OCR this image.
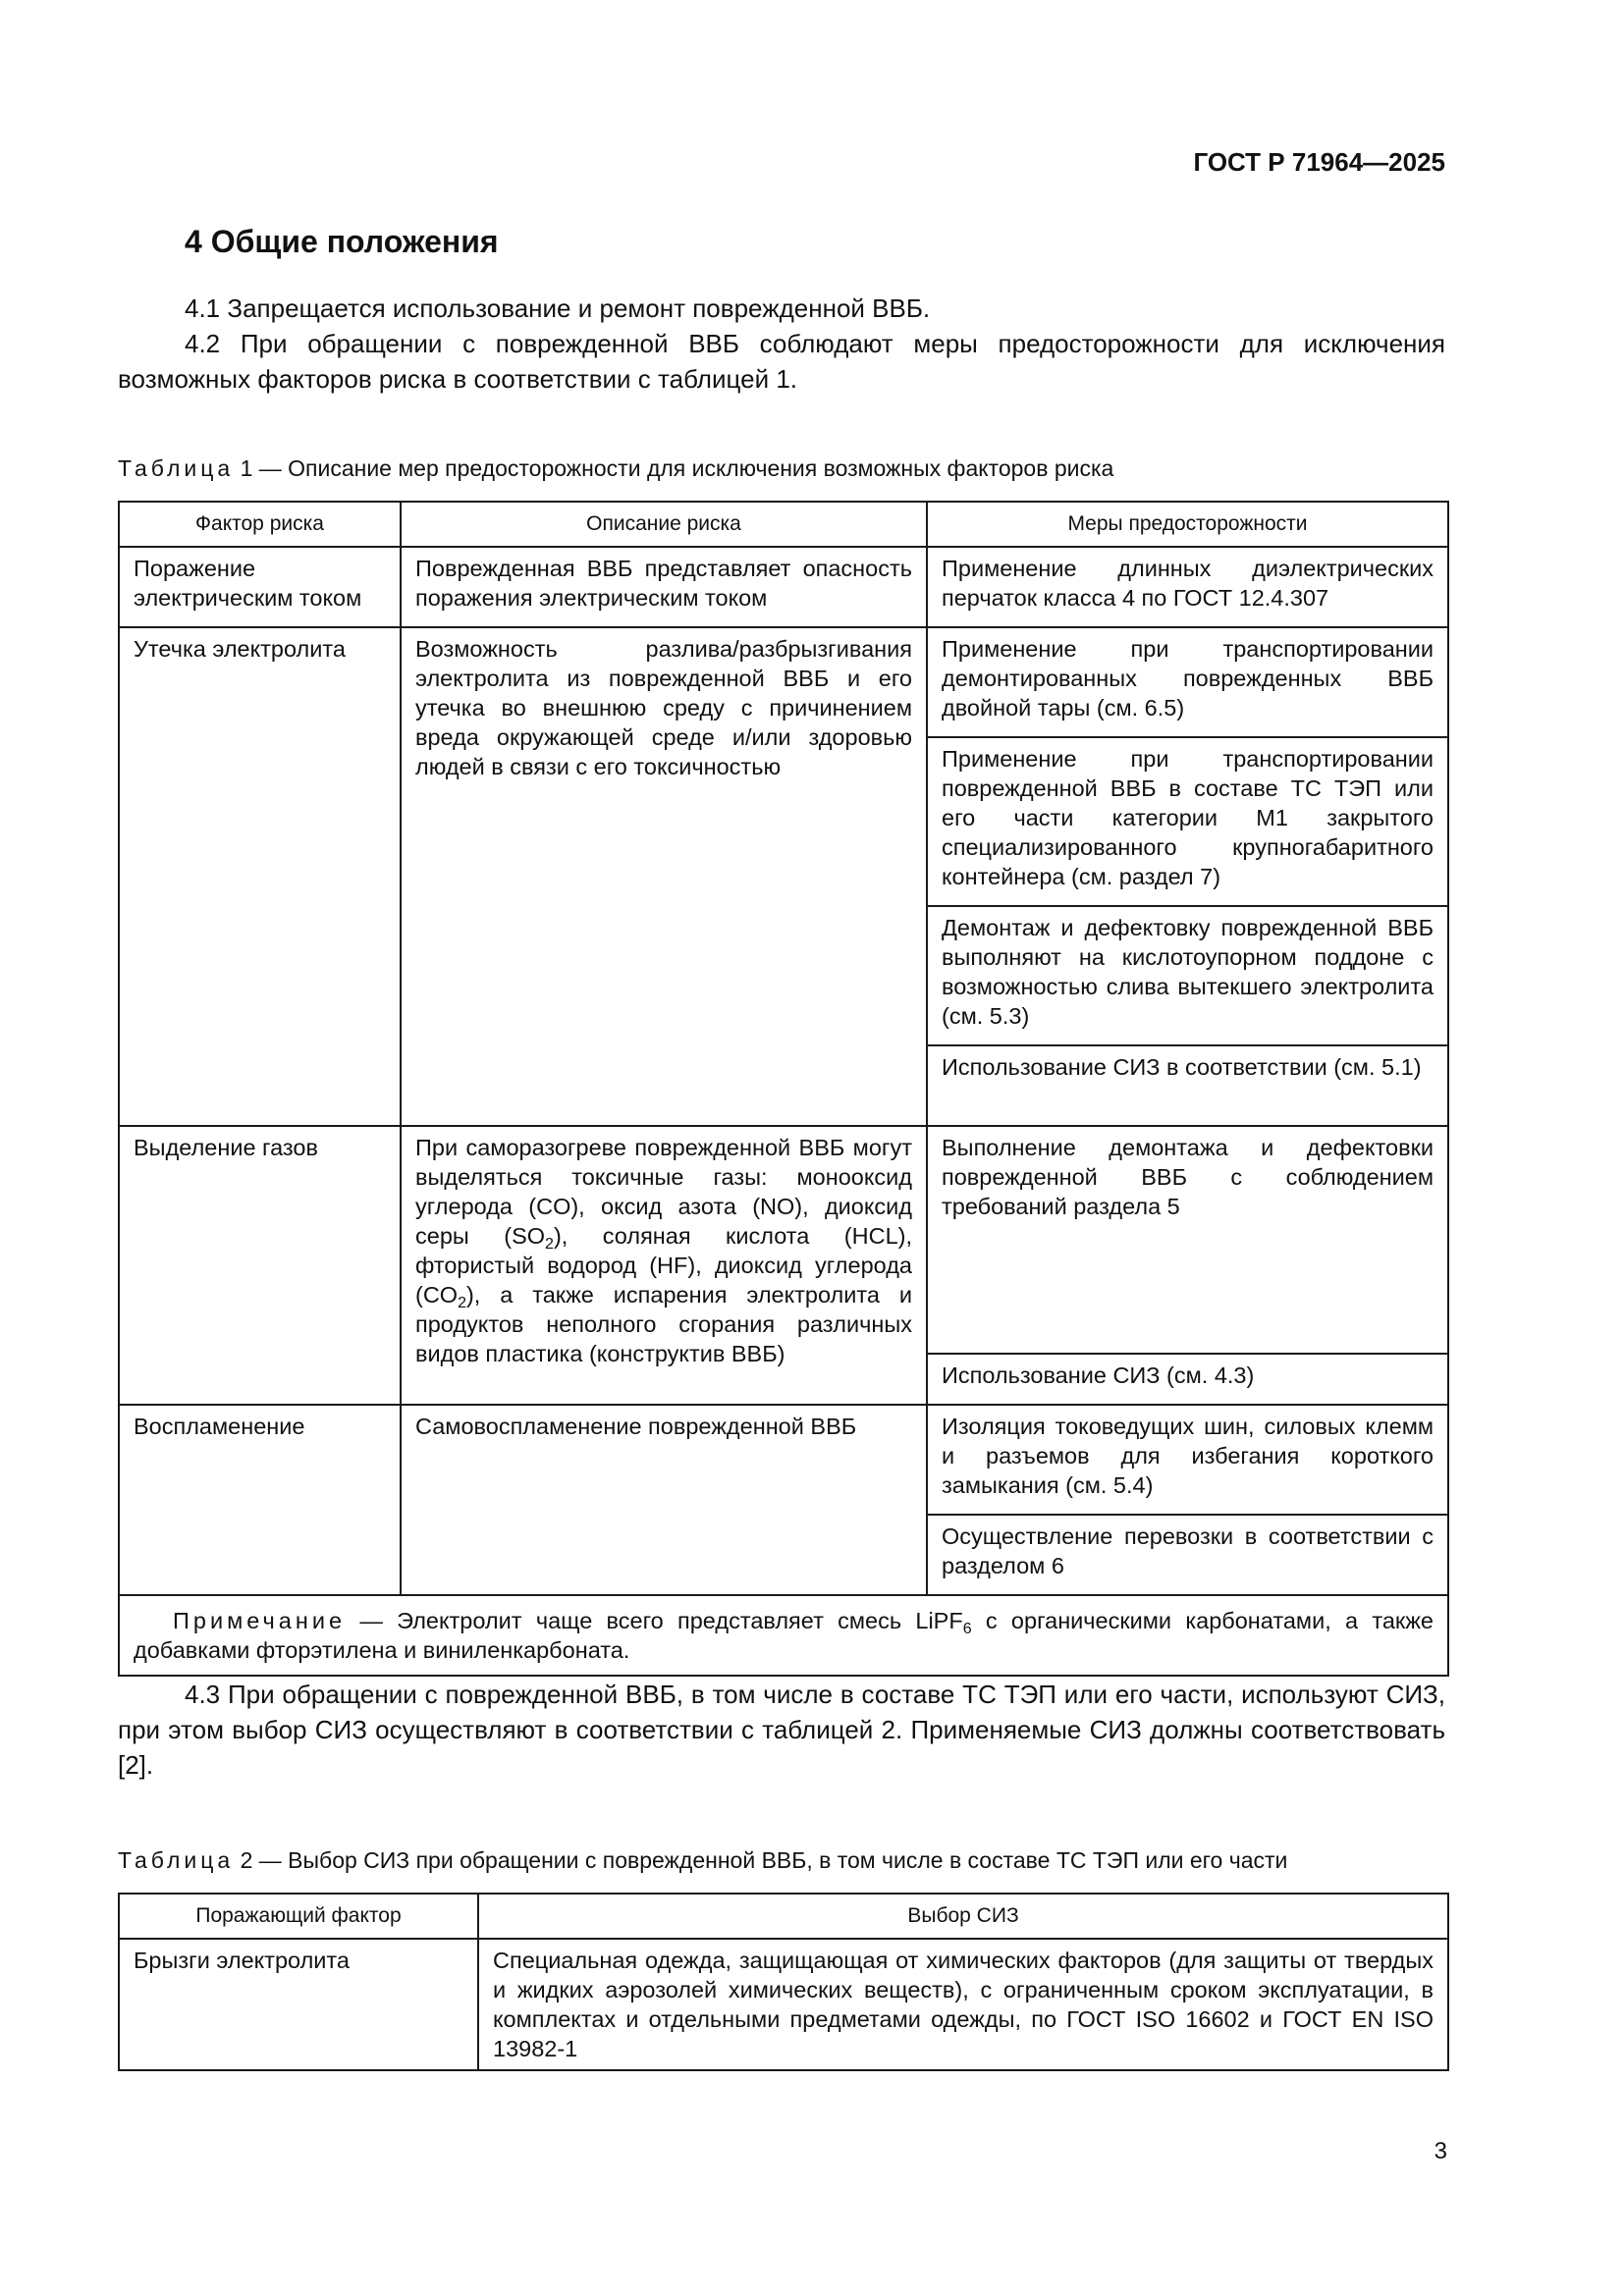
ГОСТ Р 71964—2025
4 Общие положения

4.1 Запрещается использование и ремонт поврежденной ВВБ.

4.2 При обращении с поврежденной ВВБ соблюдают меры предосторожности для исключения возможных факторов риска в соответствии с таблицей 1.

Таблица 1 — Описание мер предосторожности для исключения возможных факторов риска

Фактор риска	Описание риска	Меры предосторожности
Поражение электрическим током	Поврежденная ВВБ представляет опасность поражения электрическим током	Применение длинных диэлектрических перчаток класса 4 по ГОСТ 12.4.307
Утечка электролита	Возможность разлива/разбрызгивания электролита из поврежденной ВВБ и его утечка во внешнюю среду с причинением вреда окружающей среде и/или здоровью людей в связи с его токсичностью	Применение при транспортировании демонтированных поврежденных ВВБ двойной тары (см. 6.5)
		Применение при транспортировании поврежденной ВВБ в составе ТС ТЭП или его части категории М1 закрытого специализированного крупногабаритного контейнера (см. раздел 7)
		Демонтаж и дефектовку поврежденной ВВБ выполняют на кислотоупорном поддоне с возможностью слива вытекшего электролита (см. 5.3)
		Использование СИЗ в соответствии (см. 5.1)
Выделение газов	При саморазогреве поврежденной ВВБ могут выделяться токсичные газы: монооксид углерода (CO), оксид азота (NO), диоксид серы $(SO_2)$, соляная кислота (HCL), фтористый водород (HF), диоксид углерода $(CO_2)$, а также испарения электролита и продуктов неполного сгорания различных видов пластика (конструктив ВВБ)	Выполнение демонтажа и дефектовки поврежденной ВВБ с соблюдением требований раздела 5
		Использование СИЗ (см. 4.3)
Воспламенение	Самовоспламенение поврежденной ВВБ	Изоляция токоведущих шин, силовых клемм и разъемов для избегания короткого замыкания (см. 5.4)
		Осуществление перевозки в соответствии с разделом 6
Примечание — Электролит чаще всего представляет смесь LiPF$_6$ с органическими карбонатами, а также добавками фторэтилена и виниленкарбоната.		

4.3 При обращении с поврежденной ВВБ, в том числе в составе ТС ТЭП или его части, используют СИЗ, при этом выбор СИЗ осуществляют в соответствии с таблицей 2. Применяемые СИЗ должны соответствовать [2].

Таблица 2 — Выбор СИЗ при обращении с поврежденной ВВБ, в том числе в составе ТС ТЭП или его части

Поражающий фактор	Выбор СИЗ
Брызги электролита	Специальная одежда, защищающая от химических факторов (для защиты от твердых и жидких аэрозолей химических веществ), с ограниченным сроком эксплуатации, в комплектах и отдельными предметами одежды, по ГОСТ ISO 16602 и ГОСТ EN ISO 13982-1
3
